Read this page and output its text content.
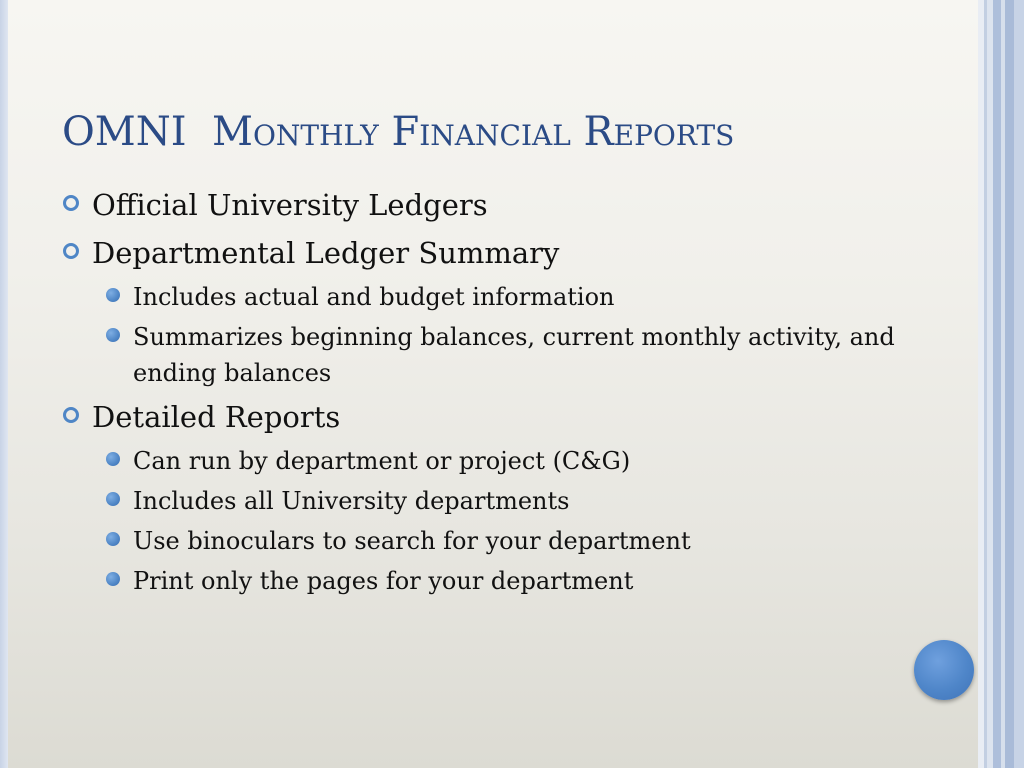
OMNI  Monthly Financial Reports
Official University Ledgers
Departmental Ledger Summary
Includes actual and budget information
Summarizes beginning balances, current monthly activity, and ending balances
Detailed Reports
Can run by department or project (C&G)
Includes all University departments
Use binoculars to search for your department
Print only the pages for your department
